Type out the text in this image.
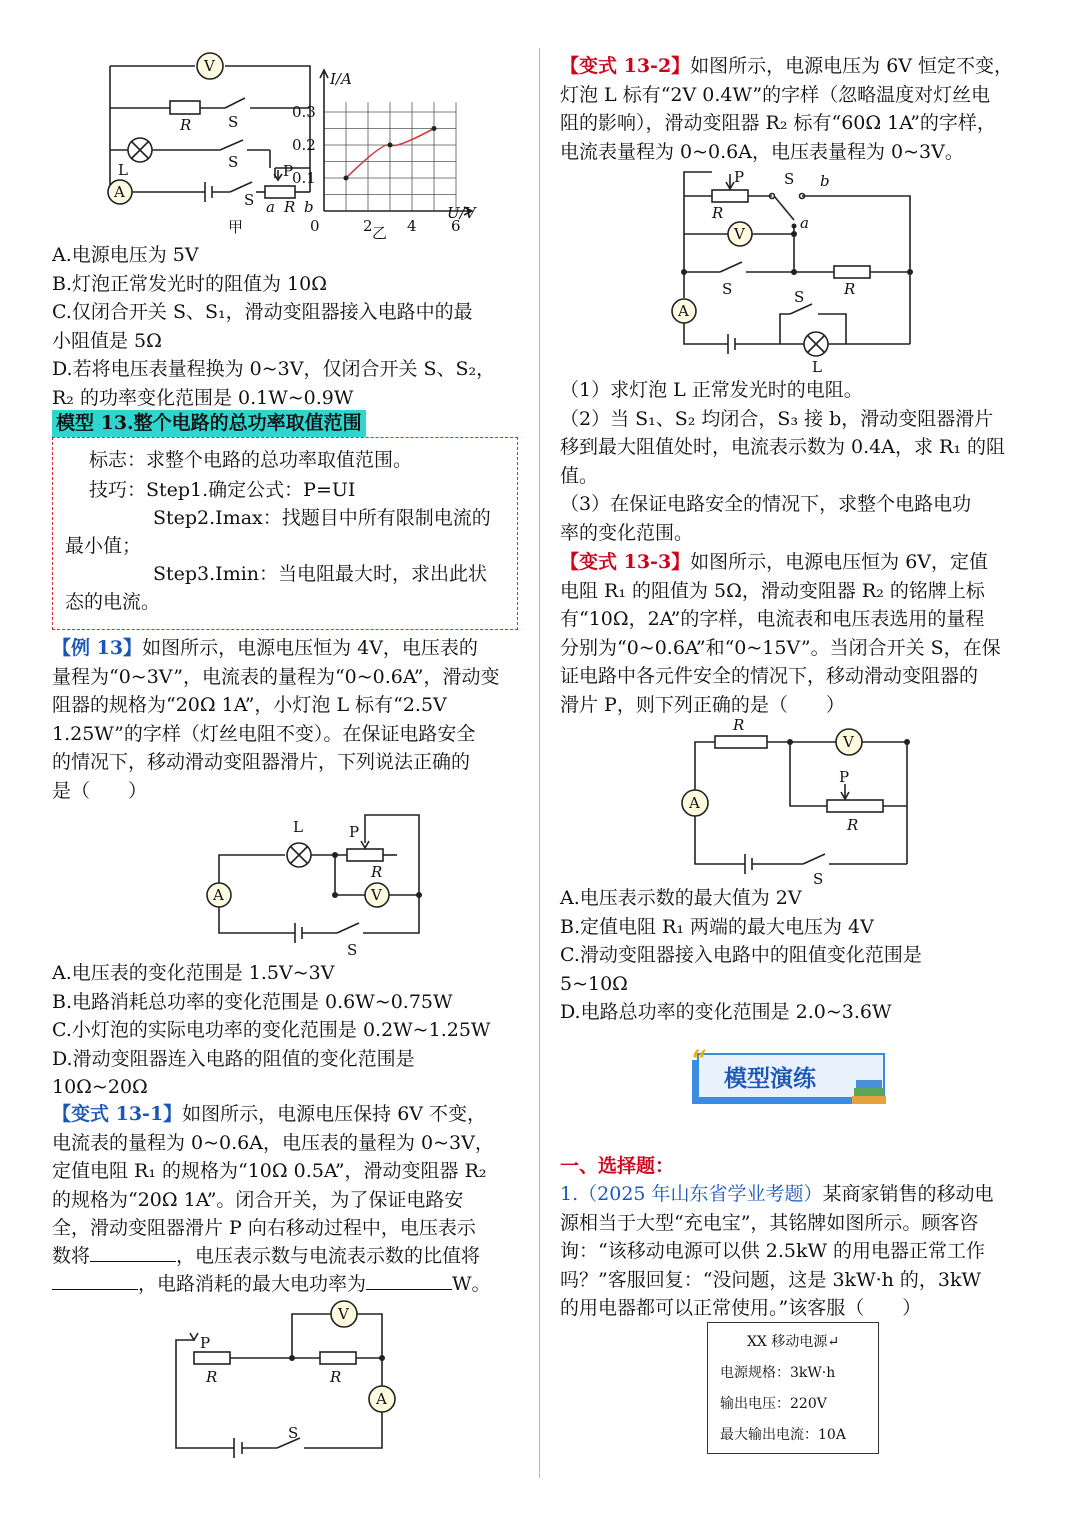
V
R S
L	S	P
A	S a R b
甲
I/A
U/V
0.3
0.2
0.1
0	2 4 6
乙

A.电源电压为 5V

B.灯泡正常发光时的阻值为 10Ω

C.仅闭合开关 S、S₁，滑动变阻器接入电路中的最

小阻值是 5Ω

D.若将电压表量程换为 0~3V，仅闭合开关 S、S₂，

R₂ 的功率变化范围是 0.1W~0.9W

模型 13.整个电路的总功率取值范围

标志：求整个电路的总功率取值范围。

技巧：Step1.确定公式：P=UI

Step2.Imax：找题目中所有限制电流的

最小值；

Step3.Imin：当电阻最大时，求出此状

态的电流。

【例 13】如图所示，电源电压恒为 4V，电压表的

量程为“0~3V”，电流表的量程为“0~0.6A”，滑动变

阻器的规格为“20Ω 1A”，小灯泡 L 标有“2.5V

1.25W”的字样（灯丝电阻不变）。在保证电路安全

的情况下，移动滑动变阻器滑片，下列说法正确的

是（　　）

L	P
V
R
A
S

A.电压表的变化范围是 1.5V~3V

B.电路消耗总功率的变化范围是 0.6W~0.75W

C.小灯泡的实际电功率的变化范围是 0.2W~1.25W

D.滑动变阻器连入电路的阻值的变化范围是

10Ω~20Ω

【变式 13-1】如图所示，电源电压保持 6V 不变，

电流表的量程为 0~0.6A，电压表的量程为 0~3V，

定值电阻 R₁ 的规格为“10Ω 0.5A”，滑动变阻器 R₂

的规格为“20Ω 1A”。闭合开关，为了保证电路安

全，滑动变阻器滑片 P 向右移动过程中，电压表示

数将	，电压表示数与电流表示数的比值将

，电路消耗的最大电功率为	W。

S
P
R	R
V
A

【变式 13-2】如图所示，电源电压为 6V 恒定不变，

灯泡 L 标有“2V 0.4W”的字样（忽略温度对灯丝电

阻的影响），滑动变阻器 R₂ 标有“60Ω 1A”的字样，

电流表量程为 0~0.6A，电压表量程为 0~3V。

P	S b
a
R
V
S	R
A
L
S

（1）求灯泡 L 正常发光时的电阻。

（2）当 S₁、S₂ 均闭合，S₃ 接 b，滑动变阻器滑片

移到最大阻值处时，电流表示数为 0.4A，求 R₁ 的阻

值。

（3）在保证电路安全的情况下，求整个电路电功

率的变化范围。

【变式 13-3】如图所示，电源电压恒为 6V，定值

电阻 R₁ 的阻值为 5Ω，滑动变阻器 R₂ 的铭牌上标

有“10Ω，2A”的字样，电流表和电压表选用的量程

分别为“0~0.6A”和“0~15V”。当闭合开关 S，在保

证电路中各元件安全的情况下，移动滑动变阻器的

滑片 P，则下列正确的是（　　）

R
V
P
R
A
S

A.电压表示数的最大值为 2V

B.定值电阻 R₁ 两端的最大电压为 4V

C.滑动变阻器接入电路中的阻值变化范围是

5~10Ω

D.电路总功率的变化范围是 2.0~3.6W

“ 模型演练

一、选择题：

1.（2025 年山东省学业考题）某商家销售的移动电

源相当于大型“充电宝”，其铭牌如图所示。顾客咨

询：“该移动电源可以供 2.5kW 的用电器正常工作

吗？”客服回复：“没问题，这是 3kW·h 的，3kW

的用电器都可以正常使用。”该客服（　　）

XX 移动电源↵
电源规格：3kW·h
输出电压：220V
最大输出电流：10A
